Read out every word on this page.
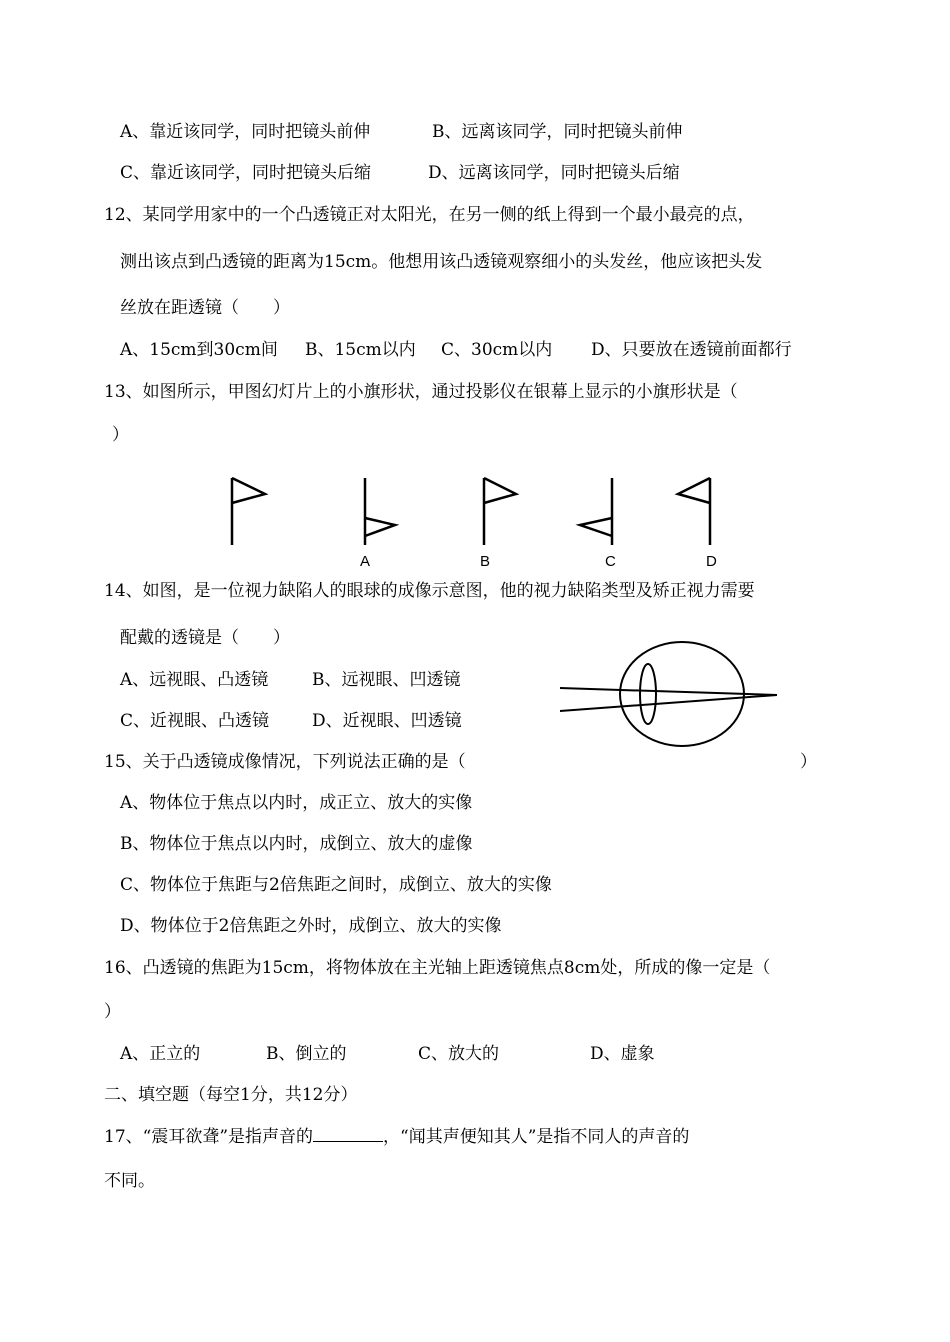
A、靠近该同学，同时把镜头前伸	B、远离该同学，同时把镜头前伸
C、靠近该同学，同时把镜头后缩	D、远离该同学，同时把镜头后缩
12、某同学用家中的一个凸透镜正对太阳光，在另一侧的纸上得到一个最小最亮的点，
测出该点到凸透镜的距离为15cm。他想用该凸透镜观察细小的头发丝，他应该把头发
丝放在距透镜（　　）
A、15cm到30cm间 B、15cm以内 C、30cm以内 D、只要放在透镜前面都行
13、如图所示，甲图幻灯片上的小旗形状，通过投影仪在银幕上显示的小旗形状是（
）
A	B	C	D
14、如图，是一位视力缺陷人的眼球的成像示意图，他的视力缺陷类型及矫正视力需要
配戴的透镜是（　　）
A、远视眼、凸透镜	B、远视眼、凹透镜
C、近视眼、凸透镜	D、近视眼、凹透镜
15、关于凸透镜成像情况，下列说法正确的是（	）
A、物体位于焦点以内时，成正立、放大的实像
B、物体位于焦点以内时，成倒立、放大的虚像
C、物体位于焦距与2倍焦距之间时，成倒立、放大的实像
D、物体位于2倍焦距之外时，成倒立、放大的实像
16、凸透镜的焦距为15cm，将物体放在主光轴上距透镜焦点8cm处，所成的像一定是（
）
A、正立的	B、倒立的	C、放大的	D、虚象
二、填空题（每空1分，共12分）
17、“震耳欲聋”是指声音的	，“闻其声便知其人”是指不同人的声音的
不同。
